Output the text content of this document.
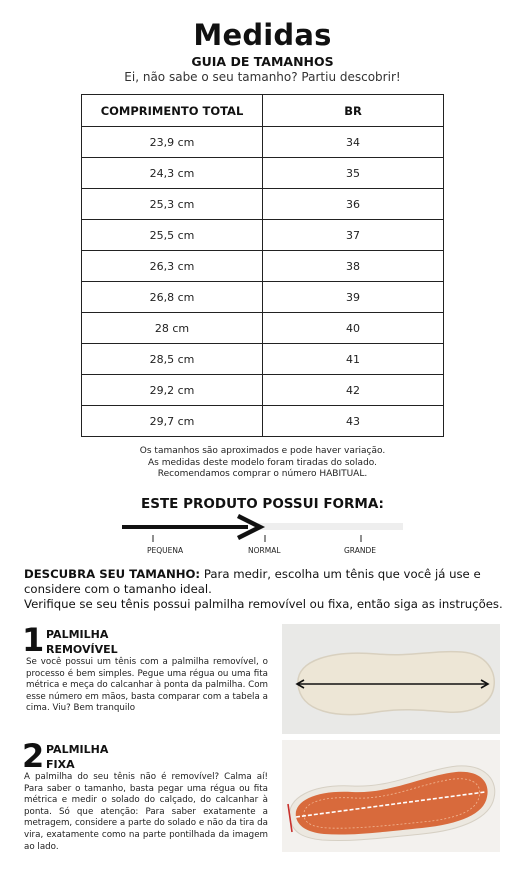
Medidas
GUIA DE TAMANHOS
Ei, não sabe o seu tamanho? Partiu descobrir!
COMPRIMENTO TOTAL	BR
23,9 cm	34
24,3 cm	35
25,3 cm	36
25,5 cm	37
26,3 cm	38
26,8 cm	39
28 cm	40
28,5 cm	41
29,2 cm	42
29,7 cm	43
Os tamanhos são aproximados e pode haver variação.
As medidas deste modelo foram tiradas do solado.
Recomendamos comprar o número HABITUAL.
ESTE PRODUTO POSSUI FORMA:
PEQUENA	NORMAL	GRANDE
DESCUBRA SEU TAMANHO: Para medir, escolha um tênis que você já use e considere com o tamanho ideal.
Verifique se seu tênis possui palmilha removível ou fixa, então siga as instruções.
1 PALMILHA
REMOVÍVEL
Se você possui um tênis com a palmilha removível, o processo é bem simples. Pegue uma régua ou uma fita métrica e meça do calcanhar à ponta da palmilha. Com esse número em mãos, basta comparar com a tabela a cima. Viu? Bem tranquilo
2 PALMILHA
FIXA
A palmilha do seu tênis não é removível? Calma aí! Para saber o tamanho, basta pegar uma régua ou fita métrica e medir o solado do calçado, do calcanhar à ponta. Só que atenção: Para saber exatamente a metragem, considere a parte do solado e não da tira da vira, exatamente como na parte pontilhada da imagem ao lado.
